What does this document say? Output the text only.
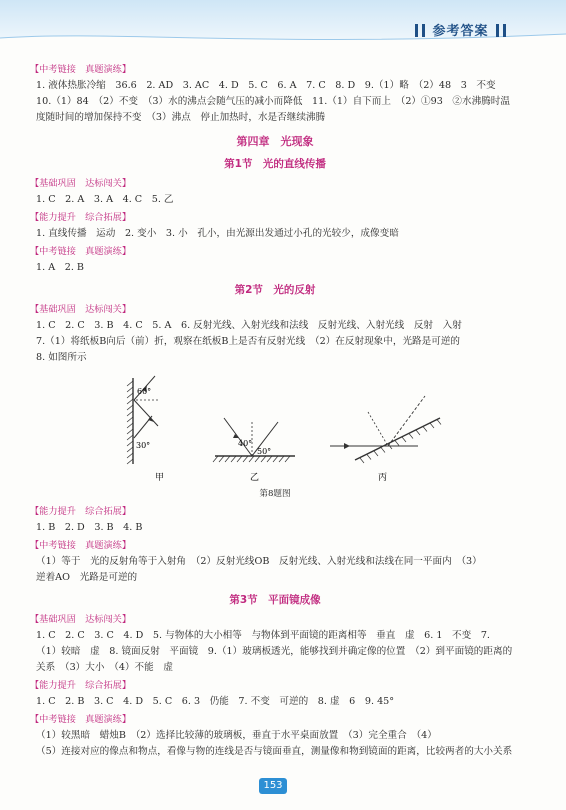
参考答案
【中考链接　真题演练】
1. 液体热胀冷缩　36.6　2. AD　3. AC　4. D　5. C　6. A　7. C　8. D　9.（1）略　（2）48　3　不变
10.（1）84　（2）不变　（3）水的沸点会随气压的减小而降低　11.（1）自下而上　（2）①93　②水沸腾时温
度随时间的增加保持不变　（3）沸点　停止加热时，水是否继续沸腾
第四章　光现象
第1节　光的直线传播
【基础巩固　达标闯关】
1. C　2. A　3. A　4. C　5. 乙
【能力提升　综合拓展】
1. 直线传播　运动　2. 变小　3. 小　孔小，由光源出发通过小孔的光较少，成像变暗
【中考链接　真题演练】
1. A　2. B
第2节　光的反射
【基础巩固　达标闯关】
1. C　2. C　3. B　4. C　5. A　6. 反射光线、入射光线和法线　反射光线、入射光线　反射　入射
7.（1）将纸板B向后（前）折，观察在纸板B上是否有反射光线　（2）在反射现象中，光路是可逆的
8. 如图所示
60°
30°
甲
40°
50°
乙	丙
第8题图
【能力提升　综合拓展】
1. B　2. D　3. B　4. B
【中考链接　真题演练】
（1）等于　光的反射角等于入射角　（2）反射光线OB　反射光线、入射光线和法线在同一平面内　（3）
逆着AO　光路是可逆的
第3节　平面镜成像
【基础巩固　达标闯关】
1. C　2. C　3. C　4. D　5. 与物体的大小相等　与物体到平面镜的距离相等　垂直　虚　6. 1　不变　7.
（1）较暗　虚　8. 镜面反射　平面镜　9.（1）玻璃板透光，能够找到并确定像的位置　（2）到平面镜的距离的
关系　（3）大小　（4）不能　虚
【能力提升　综合拓展】
1. C　2. B　3. C　4. D　5. C　6. 3　仍能　7. 不变　可逆的　8. 虚　6　9. 45°
【中考链接　真题演练】
（1）较黑暗　蜡烛B　（2）选择比较薄的玻璃板，垂直于水平桌面放置　（3）完全重合　（4）
（5）连接对应的像点和物点，看像与物的连线是否与镜面垂直，测量像和物到镜面的距离，比较两者的大小关系
153
